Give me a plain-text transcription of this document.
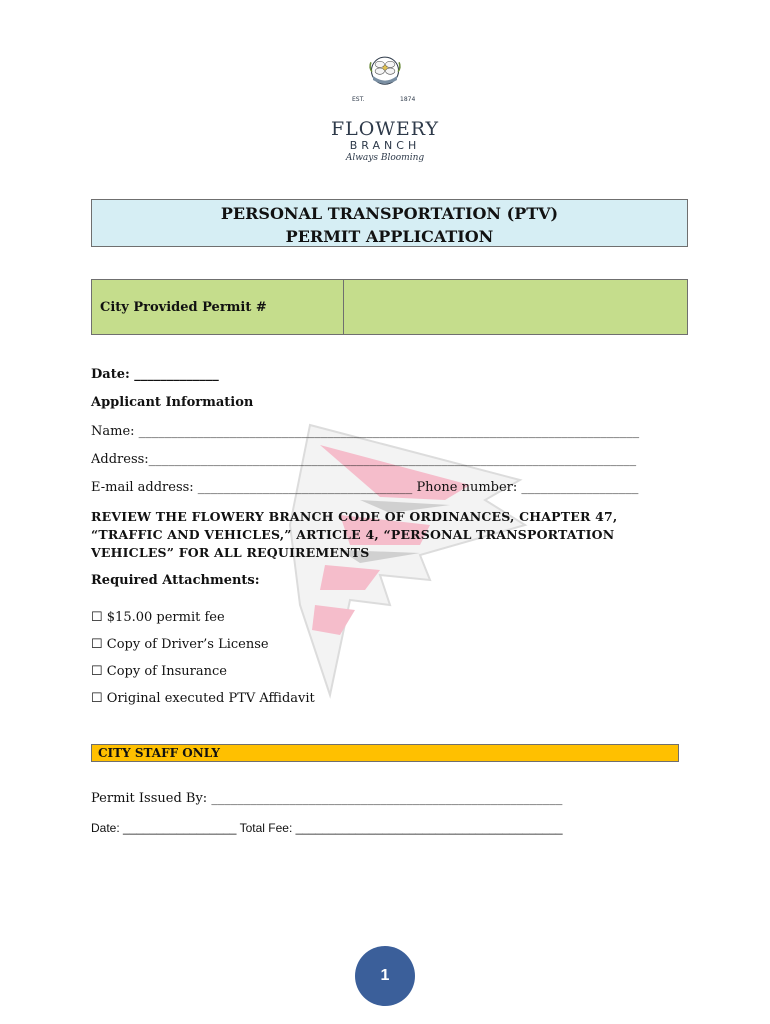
EST.	1874
FLOWERY
BRANCH
Always Blooming
PERSONAL TRANSPORTATION (PTV)
PERMIT APPLICATION
City Provided Permit #
Date: _____________
Applicant Information
Name: _____________________________________________________________________________
Address:___________________________________________________________________________
E-mail address: _________________________________ Phone number: __________________
REVIEW THE FLOWERY BRANCH CODE OF ORDINANCES, CHAPTER 47,
“TRAFFIC AND VEHICLES,” ARTICLE 4, “PERSONAL TRANSPORTATION
VEHICLES” FOR ALL REQUIREMENTS
Required Attachments:
☐ $15.00 permit fee
☐ Copy of Driver’s License
☐ Copy of Insurance
☐ Original executed PTV Affidavit
CITY STAFF ONLY
Permit Issued By: ______________________________________________________
Date: _________________ Total Fee: ________________________________________
1
